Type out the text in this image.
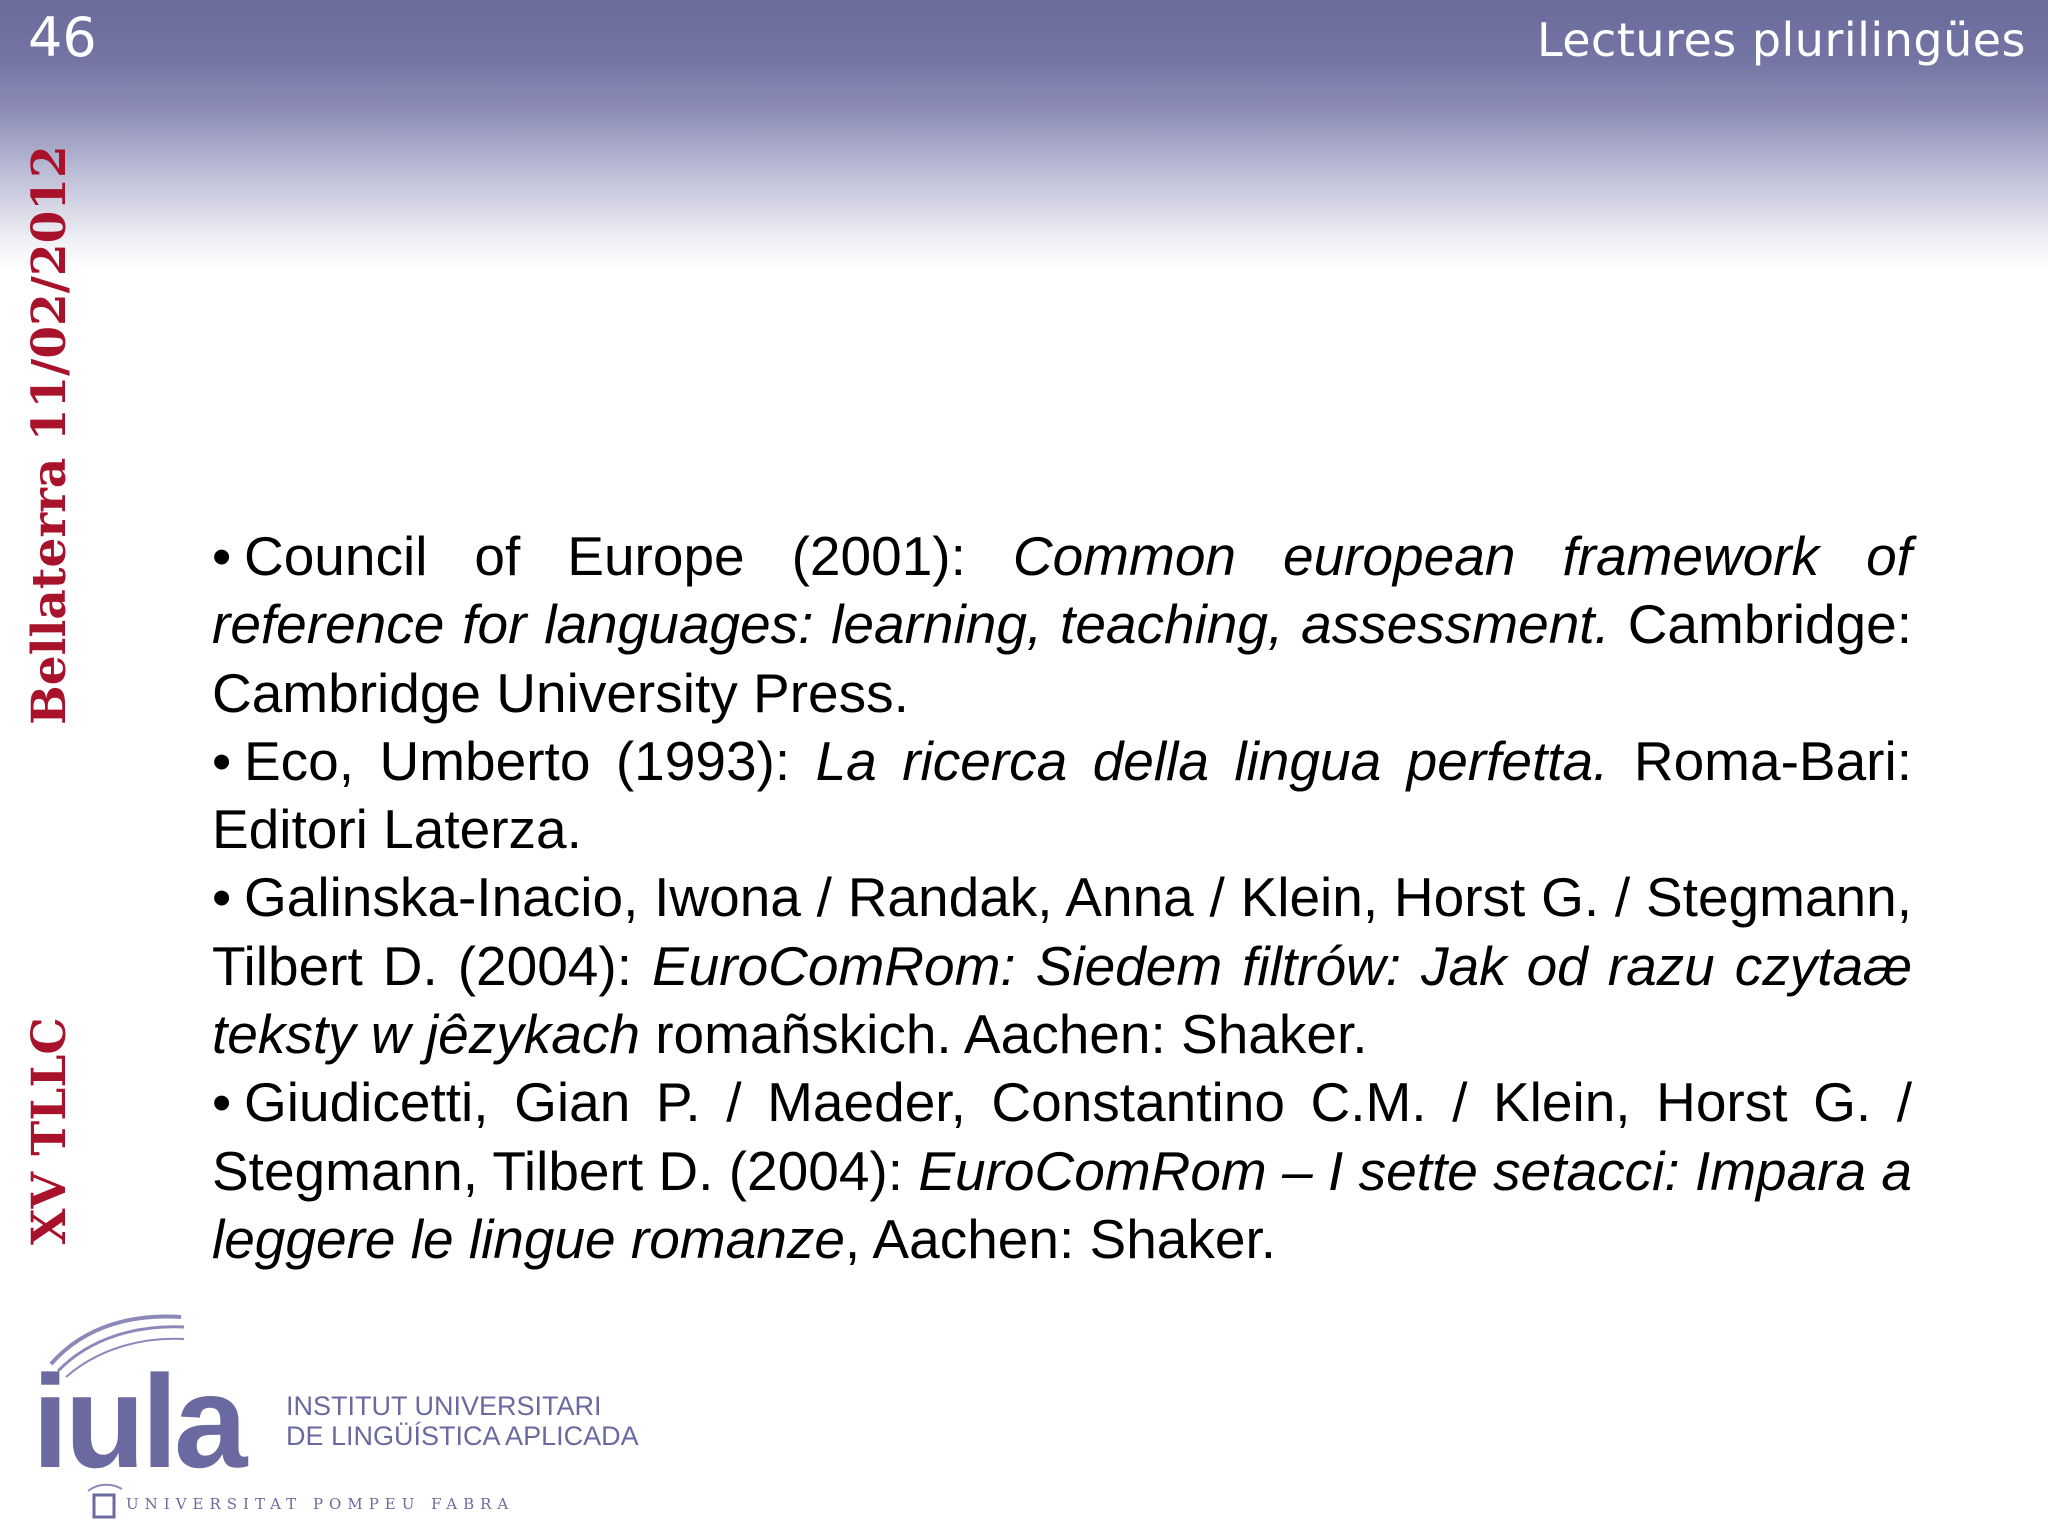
46	Lectures plurilingües
Bellaterra 11/02/2012
XV TLLC

• Council of Europe (2001): Common european framework of reference for languages: learning, teaching, assessment. Cambridge: Cambridge University Press.

• Eco, Umberto (1993): La ricerca della lingua perfetta. Roma-Bari: Editori Laterza.

• Galinska-Inacio, Iwona / Randak, Anna / Klein, Horst G. / Stegmann, Tilbert D. (2004): EuroComRom: Siedem filtrów: Jak od razu czytaæ teksty w jêzykach romañskich. Aachen: Shaker.

• Giudicetti, Gian P. / Maeder, Constantino C.M. / Klein, Horst G. / Stegmann, Tilbert D. (2004): EuroComRom – I sette setacci: Impara a leggere le lingue romanze, Aachen: Shaker.

iula INSTITUT UNIVERSITARI
DE LINGÜÍSTICA APLICADA
UNIVERSITAT POMPEU FABRA
